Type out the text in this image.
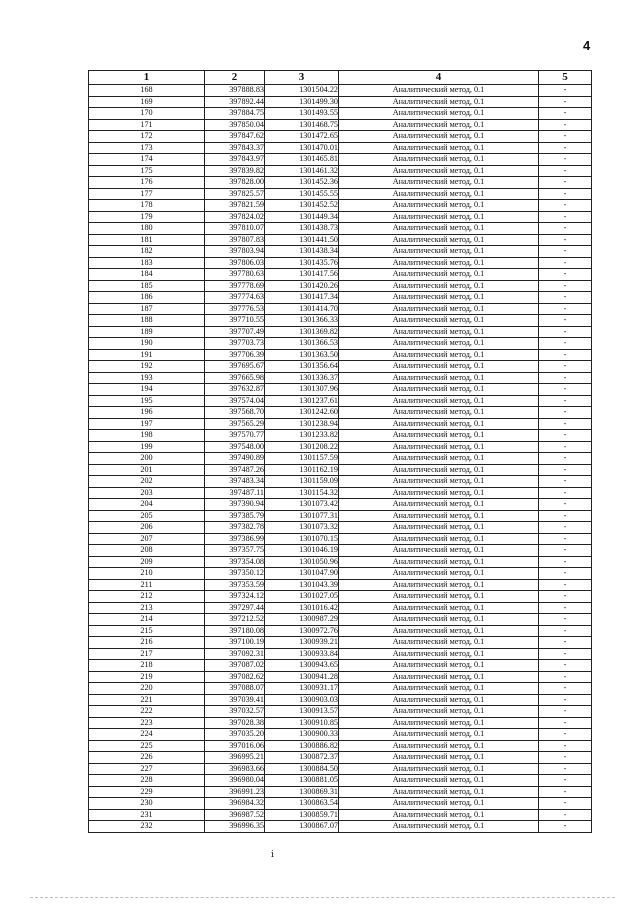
4
1	2	3	4	5
168	397888.83	1301504.22	Аналитический метод, 0.1	-
169	397892.44	1301499.30	Аналитический метод, 0.1	-
170	397884.75	1301493.55	Аналитический метод, 0.1	-
171	397850.04	1301468.75	Аналитический метод, 0.1	-
172	397847.62	1301472.65	Аналитический метод, 0.1	-
173	397843.37	1301470.01	Аналитический метод, 0.1	-
174	397843.97	1301465.81	Аналитический метод, 0.1	-
175	397839.82	1301461.32	Аналитический метод, 0.1	-
176	397828.00	1301452.36	Аналитический метод, 0.1	-
177	397825.57	1301455.55	Аналитический метод, 0.1	-
178	397821.59	1301452.52	Аналитический метод, 0.1	-
179	397824.02	1301449.34	Аналитический метод, 0.1	-
180	397810.07	1301438.73	Аналитический метод, 0.1	-
181	397807.83	1301441.50	Аналитический метод, 0.1	-
182	397803.94	1301438.34	Аналитический метод, 0.1	-
183	397806.03	1301435.76	Аналитический метод, 0.1	-
184	397780.63	1301417.56	Аналитический метод, 0.1	-
185	397778.69	1301420.26	Аналитический метод, 0.1	-
186	397774.63	1301417.34	Аналитический метод, 0.1	-
187	397776.53	1301414.70	Аналитический метод, 0.1	-
188	397710.55	1301366.33	Аналитический метод, 0.1	-
189	397707.49	1301369.82	Аналитический метод, 0.1	-
190	397703.73	1301366.53	Аналитический метод, 0.1	-
191	397706.39	1301363.50	Аналитический метод, 0.1	-
192	397695.67	1301356.64	Аналитический метод, 0.1	-
193	397665.98	1301336.37	Аналитический метод, 0.1	-
194	397632.87	1301307.96	Аналитический метод, 0.1	-
195	397574.04	1301237.61	Аналитический метод, 0.1	-
196	397568.70	1301242.60	Аналитический метод, 0.1	-
197	397565.29	1301238.94	Аналитический метод, 0.1	-
198	397570.77	1301233.82	Аналитический метод, 0.1	-
199	397548.00	1301208.22	Аналитический метод, 0.1	-
200	397490.89	1301157.59	Аналитический метод, 0.1	-
201	397487.26	1301162.19	Аналитический метод, 0.1	-
202	397483.34	1301159.09	Аналитический метод, 0.1	-
203	397487.11	1301154.32	Аналитический метод, 0.1	-
204	397390.94	1301073.42	Аналитический метод, 0.1	-
205	397385.79	1301077.31	Аналитический метод, 0.1	-
206	397382.78	1301073.32	Аналитический метод, 0.1	-
207	397386.99	1301070.15	Аналитический метод, 0.1	-
208	397357.75	1301046.19	Аналитический метод, 0.1	-
209	397354.08	1301050.96	Аналитический метод, 0.1	-
210	397350.12	1301047.90	Аналитический метод, 0.1	-
211	397353.59	1301043.39	Аналитический метод, 0.1	-
212	397324.12	1301027.05	Аналитический метод, 0.1	-
213	397297.44	1301016.42	Аналитический метод, 0.1	-
214	397212.52	1300987.29	Аналитический метод, 0.1	-
215	397180.08	1300972.76	Аналитический метод, 0.1	-
216	397100.19	1300939.21	Аналитический метод, 0.1	-
217	397092.31	1300933.84	Аналитический метод, 0.1	-
218	397087.02	1300943.65	Аналитический метод, 0.1	-
219	397082.62	1300941.28	Аналитический метод, 0.1	-
220	397088.07	1300931.17	Аналитический метод, 0.1	-
221	397039.41	1300903.03	Аналитический метод, 0.1	-
222	397032.57	1300913.57	Аналитический метод, 0.1	-
223	397028.38	1300910.85	Аналитический метод, 0.1	-
224	397035.20	1300900.33	Аналитический метод, 0.1	-
225	397016.06	1300886.82	Аналитический метод, 0.1	-
226	396995.21	1300872.37	Аналитический метод, 0.1	-
227	396983.66	1300884.50	Аналитический метод, 0.1	-
228	396980.04	1300881.05	Аналитический метод, 0.1	-
229	396991.23	1300869.31	Аналитический метод, 0.1	-
230	396984.32	1300863.54	Аналитический метод, 0.1	-
231	396987.52	1300859.71	Аналитический метод, 0.1	-
232	396996.35	1300867.07	Аналитический метод, 0.1	-
ⅰ
